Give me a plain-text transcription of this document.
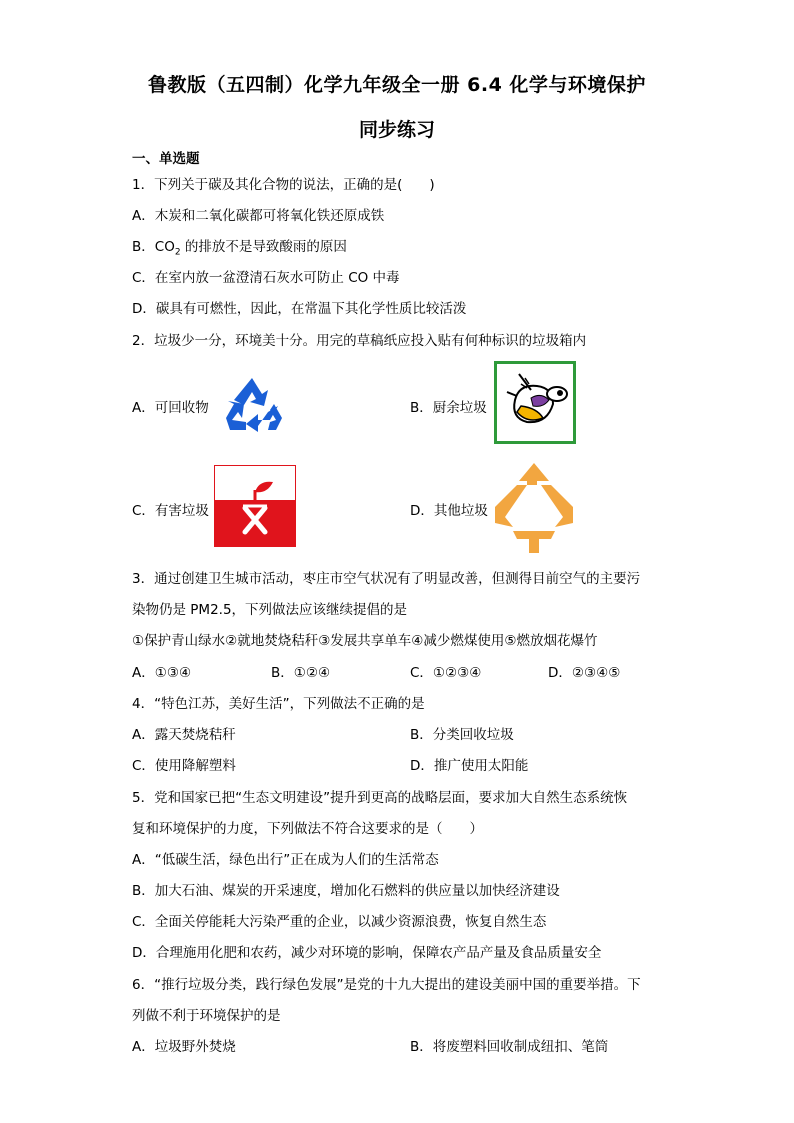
鲁教版（五四制）化学九年级全一册 6.4 化学与环境保护
同步练习
一、单选题
1．下列关于碳及其化合物的说法，正确的是(　　)
A．木炭和二氧化碳都可将氧化铁还原成铁
B．$CO_2$ 的排放不是导致酸雨的原因
C．在室内放一盆澄清石灰水可防止 CO 中毒
D．碳具有可燃性，因此，在常温下其化学性质比较活泼
2．垃圾少一分，环境美十分。用完的草稿纸应投入贴有何种标识的垃圾箱内
A．可回收物	B．厨余垃圾
C．有害垃圾	D．其他垃圾
3．通过创建卫生城市活动，枣庄市空气状况有了明显改善，但测得目前空气的主要污
染物仍是 PM2.5，下列做法应该继续提倡的是
①保护青山绿水②就地焚烧秸秆③发展共享单车④减少燃煤使用⑤燃放烟花爆竹
A．①③④	B．①②④	C．①②③④	D．②③④⑤
4．“特色江苏，美好生活”，下列做法不正确的是
A．露天焚烧秸秆	B．分类回收垃圾
C．使用降解塑料	D．推广使用太阳能
5．党和国家已把“生态文明建设”提升到更高的战略层面，要求加大自然生态系统恢
复和环境保护的力度，下列做法不符合这要求的是（　　）
A．“低碳生活，绿色出行”正在成为人们的生活常态
B．加大石油、煤炭的开采速度，增加化石燃料的供应量以加快经济建设
C．全面关停能耗大污染严重的企业，以减少资源浪费，恢复自然生态
D．合理施用化肥和农药，减少对环境的影响，保障农产品产量及食品质量安全
6．“推行垃圾分类，践行绿色发展”是党的十九大提出的建设美丽中国的重要举措。下
列做不利于环境保护的是
A．垃圾野外焚烧	B．将废塑料回收制成纽扣、笔筒
